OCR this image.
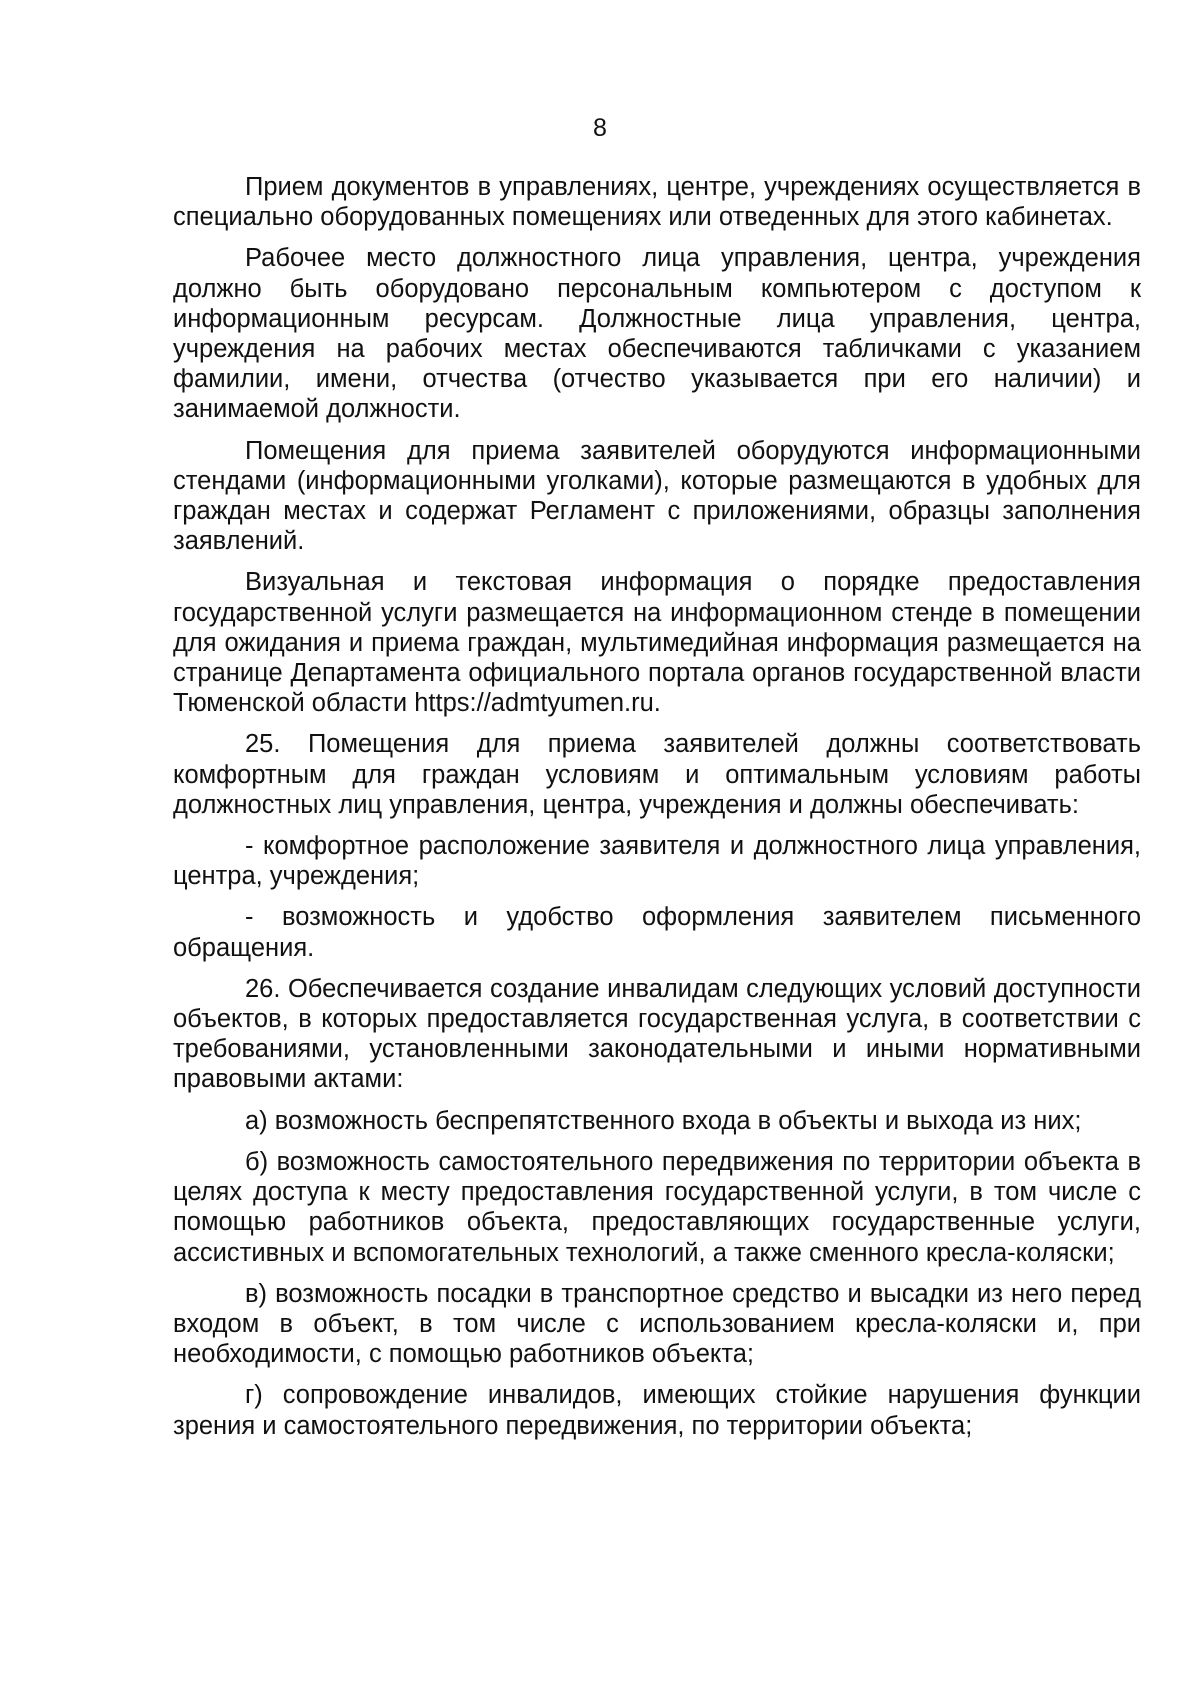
8

Прием документов в управлениях, центре, учреждениях осуществляется в специально оборудованных помещениях или отведенных для этого кабинетах.

Рабочее место должностного лица управления, центра, учреждения должно быть оборудовано персональным компьютером с доступом к информационным ресурсам. Должностные лица управления, центра, учреждения на рабочих местах обеспечиваются табличками с указанием фамилии, имени, отчества (отчество указывается при его наличии) и занимаемой должности.

Помещения для приема заявителей оборудуются информационными стендами (информационными уголками), которые размещаются в удобных для граждан местах и содержат Регламент с приложениями, образцы заполнения заявлений.

Визуальная и текстовая информация о порядке предоставления государственной услуги размещается на информационном стенде в помещении для ожидания и приема граждан, мультимедийная информация размещается на странице Департамента официального портала органов государственной власти Тюменской области https://admtyumen.ru.

25. Помещения для приема заявителей должны соответствовать комфортным для граждан условиям и оптимальным условиям работы должностных лиц управления, центра, учреждения и должны обеспечивать:

- комфортное расположение заявителя и должностного лица управления, центра, учреждения;

- возможность и удобство оформления заявителем письменного обращения.

26. Обеспечивается создание инвалидам следующих условий доступности объектов, в которых предоставляется государственная услуга, в соответствии с требованиями, установленными законодательными и иными нормативными правовыми актами:

а) возможность беспрепятственного входа в объекты и выхода из них;

б) возможность самостоятельного передвижения по территории объекта в целях доступа к месту предоставления государственной услуги, в том числе с помощью работников объекта, предоставляющих государственные услуги, ассистивных и вспомогательных технологий, а также сменного кресла-коляски;

в) возможность посадки в транспортное средство и высадки из него перед входом в объект, в том числе с использованием кресла-коляски и, при необходимости, с помощью работников объекта;

г) сопровождение инвалидов, имеющих стойкие нарушения функции зрения и самостоятельного передвижения, по территории объекта;
